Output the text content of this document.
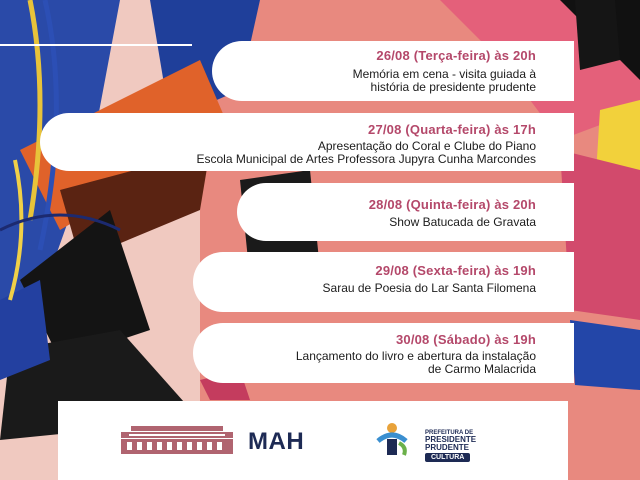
26/08 (Terça-feira) às 20h
Memória em cena - visita guiada à
história de presidente prudente
27/08 (Quarta-feira) às 17h
Apresentação do Coral e Clube do Piano
Escola Municipal de Artes Professora Jupyra Cunha Marcondes
28/08 (Quinta-feira) às 20h
Show Batucada de Gravata
29/08 (Sexta-feira) às 19h
Sarau de Poesia do Lar Santa Filomena
30/08 (Sábado) às 19h
Lançamento do livro e abertura da instalação
de Carmo Malacrida
MAH	PREFEITURA DE
PRESIDENTE
PRUDENTE
CULTURA
